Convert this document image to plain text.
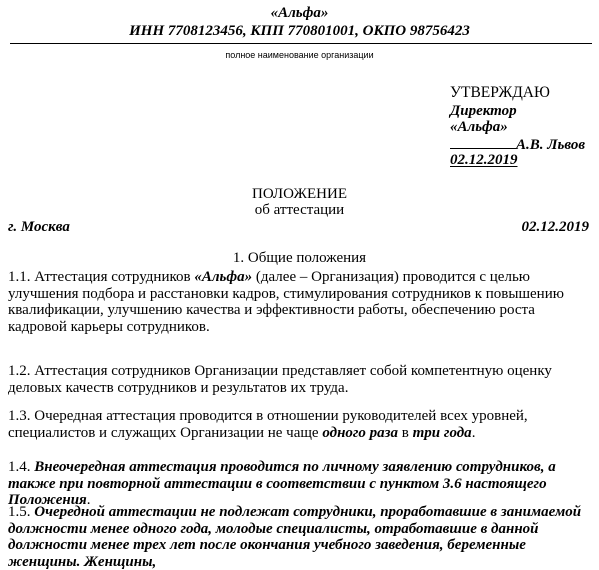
«Альфа»
ИНН 7708123456, КПП 770801001, ОКПО 98756423
полное наименование организации
УТВЕРЖДАЮ
Директор
«Альфа»
А.В. Львов
02.12.2019
ПОЛОЖЕНИЕ
об аттестации
г. Москва	02.12.2019
1. Общие положения
1.1. Аттестация сотрудников «Альфа» (далее – Организация) проводится с целью улучшения подбора и расстановки кадров, стимулирования сотрудников к повышению квалификации, улучшению качества и эффективности работы, обеспечению роста кадровой карьеры сотрудников.
1.2. Аттестация сотрудников Организации представляет собой компетентную оценку деловых качеств сотрудников и результатов их труда.
1.3. Очередная аттестация проводится в отношении руководителей всех уровней, специалистов и служащих Организации не чаще одного раза в три года.
1.4. Внеочередная аттестация проводится по личному заявлению сотрудников, а также при повторной аттестации в соответствии с пунктом 3.6 настоящего Положения.
1.5. Очередной аттестации не подлежат сотрудники, проработавшие в занимаемой должности менее одного года, молодые специалисты, отработавшие в данной должности менее трех лет после окончания учебного заведения, беременные женщины. Женщины,
